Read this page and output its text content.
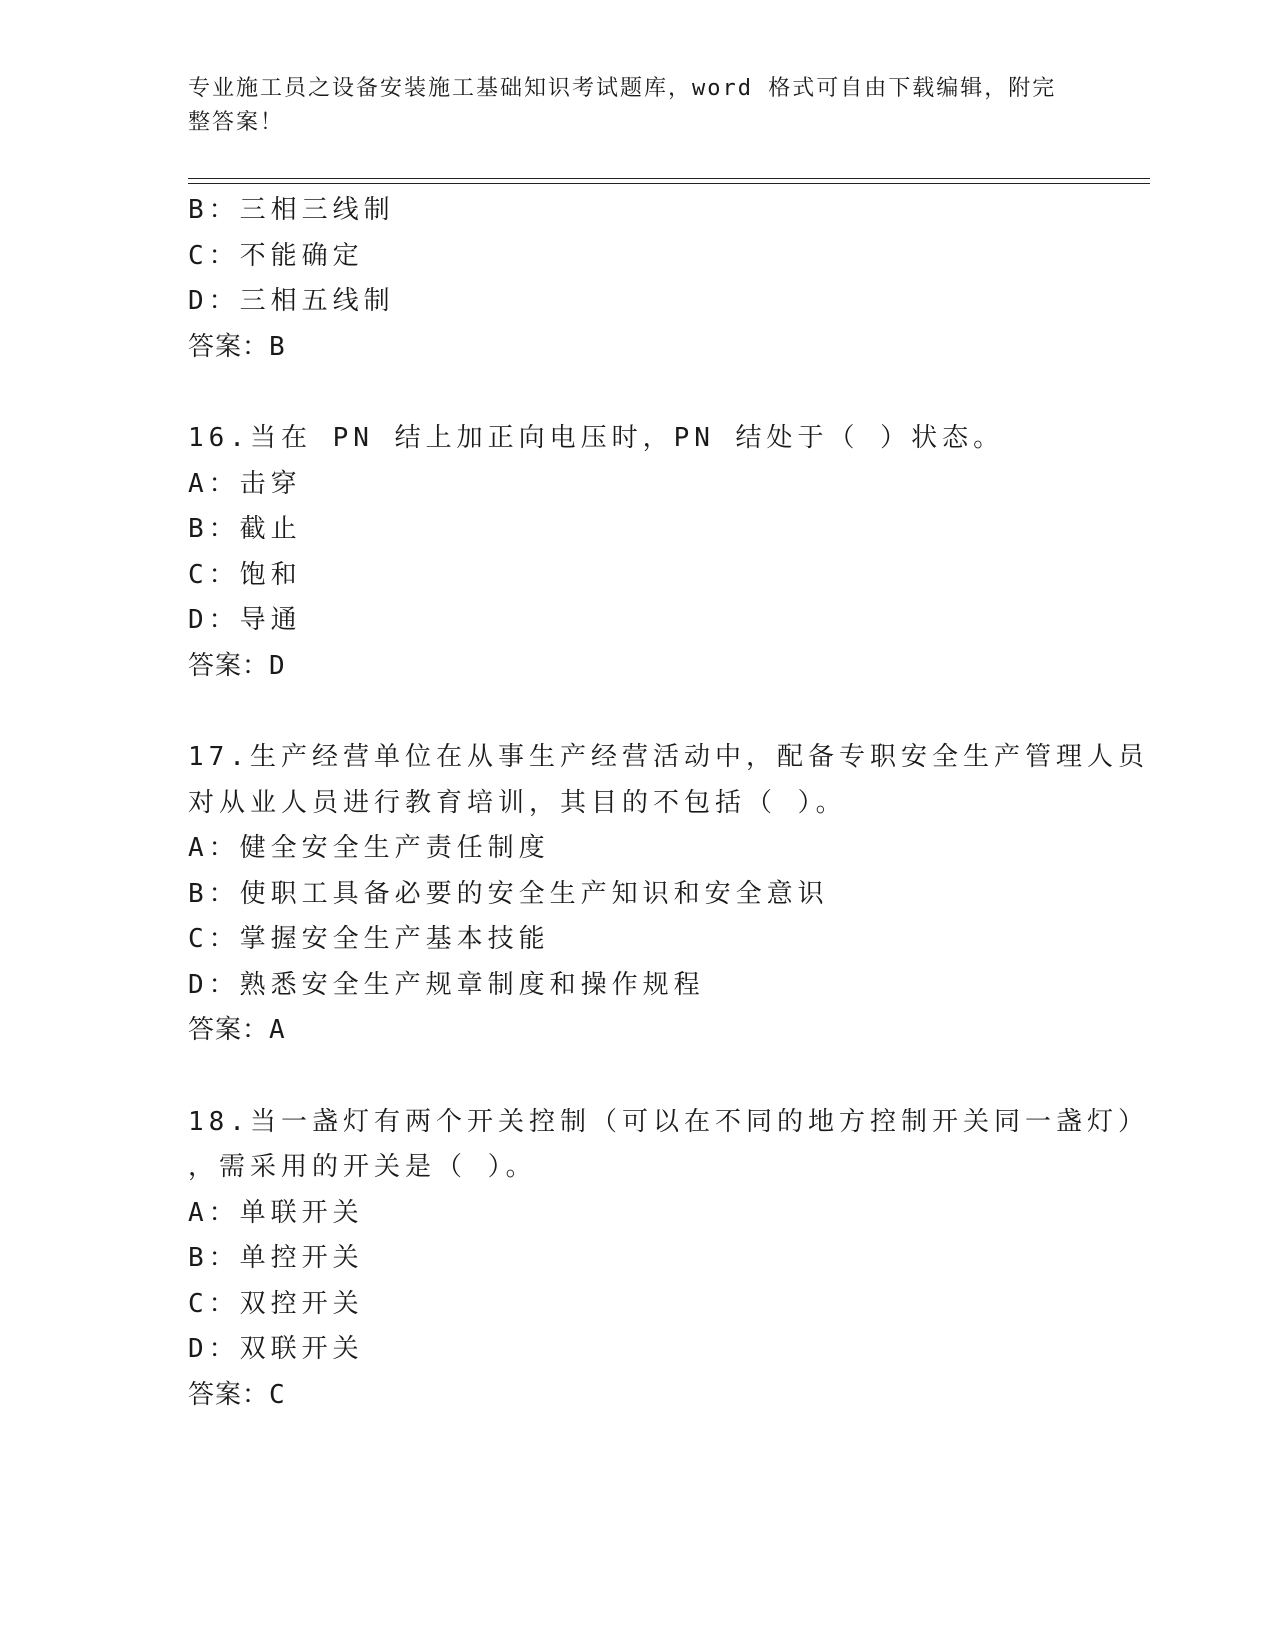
专业施工员之设备安装施工基础知识考试题库，word 格式可自由下载编辑，附完
整答案！
B：三相三线制
C：不能确定
D：三相五线制
答案：B
16.当在 PN 结上加正向电压时，PN 结处于（ ）状态。
A：击穿
B：截止
C：饱和
D：导通
答案：D
17.生产经营单位在从事生产经营活动中，配备专职安全生产管理人员
对从业人员进行教育培训，其目的不包括（ ）。
A：健全安全生产责任制度
B：使职工具备必要的安全生产知识和安全意识
C：掌握安全生产基本技能
D：熟悉安全生产规章制度和操作规程
答案：A
18.当一盏灯有两个开关控制（可以在不同的地方控制开关同一盏灯）
，需采用的开关是（ ）。
A：单联开关
B：单控开关
C：双控开关
D：双联开关
答案：C
